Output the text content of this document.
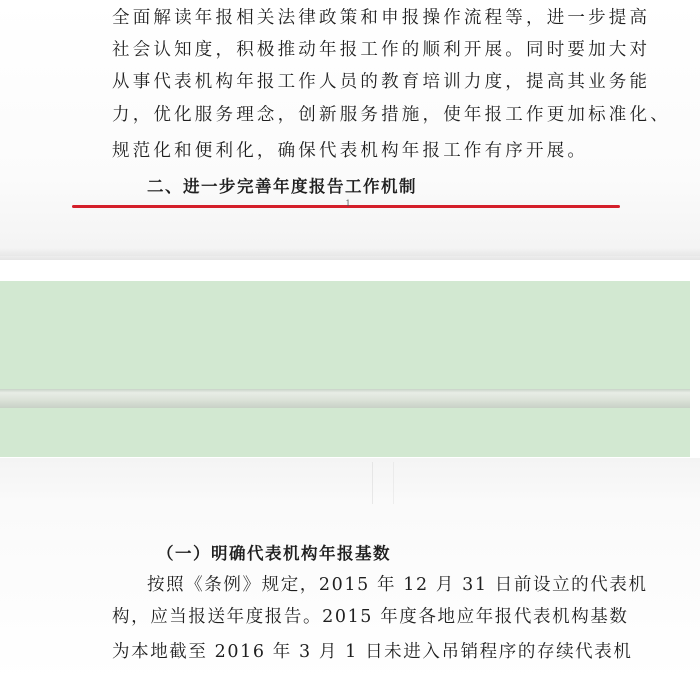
全面解读年报相关法律政策和申报操作流程等，进一步提高
社会认知度，积极推动年报工作的顺利开展。同时要加大对
从事代表机构年报工作人员的教育培训力度，提高其业务能
力，优化服务理念，创新服务措施，使年报工作更加标准化、
规范化和便利化，确保代表机构年报工作有序开展。
二、进一步完善年度报告工作机制
1
（一）明确代表机构年报基数
按照《条例》规定，2015 年 12 月 31 日前设立的代表机
构，应当报送年度报告。2015 年度各地应年报代表机构基数
为本地截至 2016 年 3 月 1 日未进入吊销程序的存续代表机
